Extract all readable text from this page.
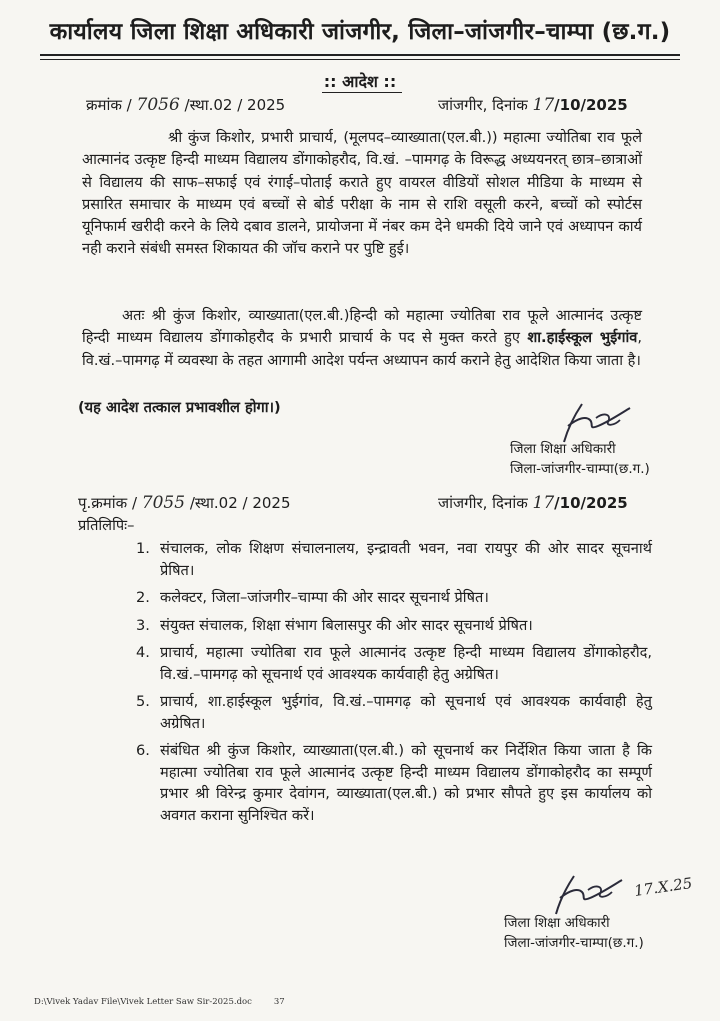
कार्यालय जिला शिक्षा अधिकारी जांजगीर, जिला–जांजगीर–चाम्पा (छ.ग.)
:: आदेश ::
क्रमांक / 7056 /स्था.02 / 2025	जांजगीर, दिनांक 17/10/2025
श्री कुंज किशोर, प्रभारी प्राचार्य, (मूलपद–व्याख्याता(एल.बी.)) महात्मा ज्योतिबा राव फूले आत्मानंद उत्कृष्ट हिन्दी माध्यम विद्यालय डोंगाकोहरौद, वि.खं. –पामगढ़ के विरूद्ध अध्ययनरत् छात्र–छात्राओं से विद्यालय की साफ–सफाई एवं रंगाई–पोताई कराते हुए वायरल वीडियों सोशल मीडिया के माध्यम से प्रसारित समाचार के माध्यम एवं बच्चों से बोर्ड परीक्षा के नाम से राशि वसूली करने, बच्चों को स्पोर्टस यूनिफार्म खरीदी करने के लिये दबाव डालने, प्रायोजना में नंबर कम देने धमकी दिये जाने एवं अध्यापन कार्य नही कराने संबंधी समस्त शिकायत की जॉच कराने पर पुष्टि हुई।
अतः श्री कुंज किशोर, व्याख्याता(एल.बी.)हिन्दी को महात्मा ज्योतिबा राव फूले आत्मानंद उत्कृष्ट हिन्दी माध्यम विद्यालय डोंगाकोहरौद के प्रभारी प्राचार्य के पद से मुक्त करते हुए शा.हाईस्कूल भुईगांव, वि.खं.–पामगढ़ में व्यवस्था के तहत आगामी आदेश पर्यन्त अध्यापन कार्य कराने हेतु आदेशित किया जाता है।
(यह आदेश तत्काल प्रभावशील होगा।)
जिला शिक्षा अधिकारी
जिला-जांजगीर-चाम्पा(छ.ग.)
पृ.क्रमांक / 7055 /स्था.02 / 2025	जांजगीर, दिनांक 17/10/2025
प्रतिलिपिः–
1. संचालक, लोक शिक्षण संचालनालय, इन्द्रावती भवन, नवा रायपुर की ओर सादर सूचनार्थ प्रेषित।
2. कलेक्टर, जिला–जांजगीर–चाम्पा की ओर सादर सूचनार्थ प्रेषित।
3. संयुक्त संचालक, शिक्षा संभाग बिलासपुर की ओर सादर सूचनार्थ प्रेषित।
4. प्राचार्य, महात्मा ज्योतिबा राव फूले आत्मानंद उत्कृष्ट हिन्दी माध्यम विद्यालय डोंगाकोहरौद, वि.खं.–पामगढ़ को सूचनार्थ एवं आवश्यक कार्यवाही हेतु अग्रेषित।
5. प्राचार्य, शा.हाईस्कूल भुईगांव, वि.खं.–पामगढ़ को सूचनार्थ एवं आवश्यक कार्यवाही हेतु अग्रेषित।
6. संबंधित श्री कुंज किशोर, व्याख्याता(एल.बी.) को सूचनार्थ कर निर्देशित किया जाता है कि महात्मा ज्योतिबा राव फूले आत्मानंद उत्कृष्ट हिन्दी माध्यम विद्यालय डोंगाकोहरौद का सम्पूर्ण प्रभार श्री विरेन्द्र कुमार देवांगन, व्याख्याता(एल.बी.) को प्रभार सौपते हुए इस कार्यालय को अवगत कराना सुनिश्चित करें।
17.X.25
जिला शिक्षा अधिकारी
जिला-जांजगीर-चाम्पा(छ.ग.)
D:\Vivek Yadav File\Vivek Letter Saw Sir-2025.doc	37
